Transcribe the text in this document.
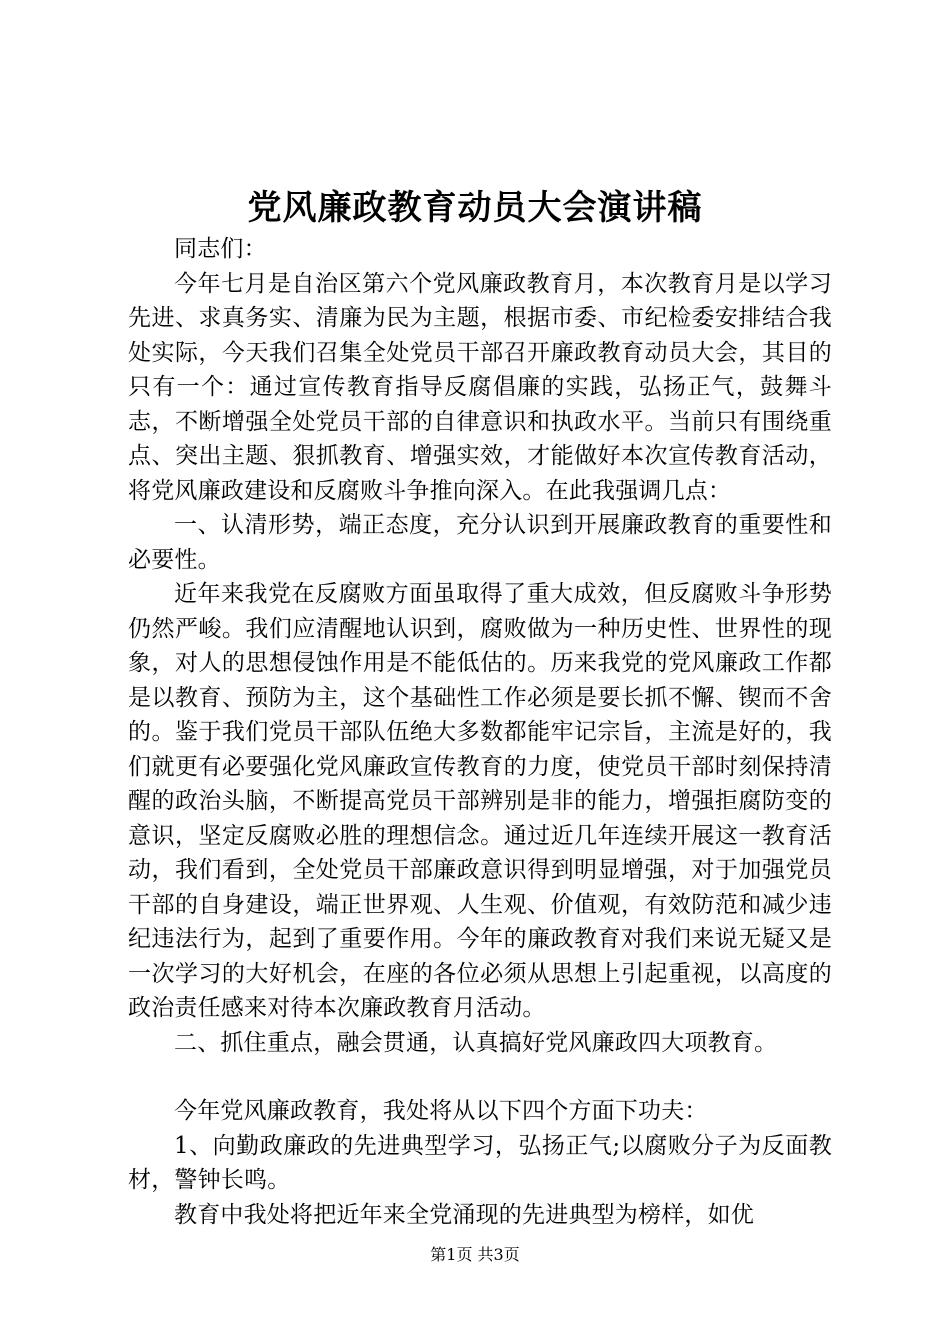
党风廉政教育动员大会演讲稿

同志们：

今年七月是自治区第六个党风廉政教育月，本次教育月是以学习先进、求真务实、清廉为民为主题，根据市委、市纪检委安排结合我处实际，今天我们召集全处党员干部召开廉政教育动员大会，其目的只有一个：通过宣传教育指导反腐倡廉的实践，弘扬正气，鼓舞斗志，不断增强全处党员干部的自律意识和执政水平。当前只有围绕重点、突出主题、狠抓教育、增强实效，才能做好本次宣传教育活动，将党风廉政建设和反腐败斗争推向深入。在此我强调几点：

一、认清形势，端正态度，充分认识到开展廉政教育的重要性和必要性。

近年来我党在反腐败方面虽取得了重大成效，但反腐败斗争形势仍然严峻。我们应清醒地认识到，腐败做为一种历史性、世界性的现象，对人的思想侵蚀作用是不能低估的。历来我党的党风廉政工作都是以教育、预防为主，这个基础性工作必须是要长抓不懈、锲而不舍的。鉴于我们党员干部队伍绝大多数都能牢记宗旨，主流是好的，我们就更有必要强化党风廉政宣传教育的力度，使党员干部时刻保持清醒的政治头脑，不断提高党员干部辨别是非的能力，增强拒腐防变的意识，坚定反腐败必胜的理想信念。通过近几年连续开展这一教育活动，我们看到，全处党员干部廉政意识得到明显增强，对于加强党员干部的自身建设，端正世界观、人生观、价值观，有效防范和减少违纪违法行为，起到了重要作用。今年的廉政教育对我们来说无疑又是一次学习的大好机会，在座的各位必须从思想上引起重视，以高度的政治责任感来对待本次廉政教育月活动。

二、抓住重点，融会贯通，认真搞好党风廉政四大项教育。

今年党风廉政教育，我处将从以下四个方面下功夫：

1、向勤政廉政的先进典型学习，弘扬正气;以腐败分子为反面教材，警钟长鸣。

教育中我处将把近年来全党涌现的先进典型为榜样，如优

第1页 共3页
